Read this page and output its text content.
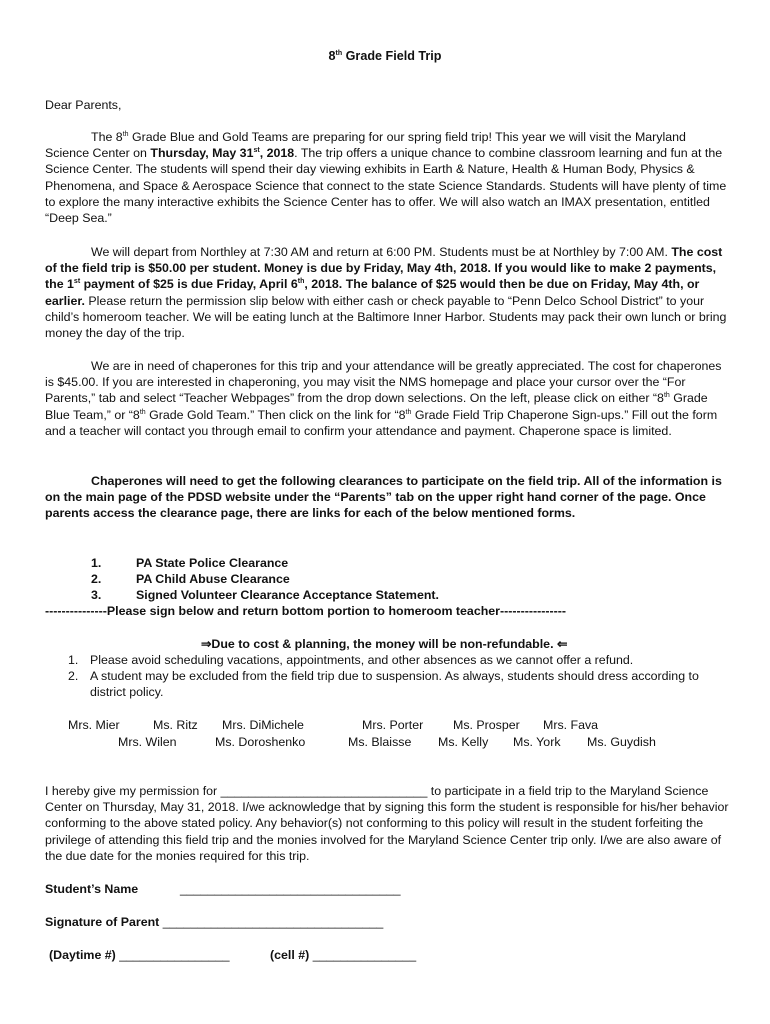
8th Grade Field Trip
Dear Parents,

The 8th Grade Blue and Gold Teams are preparing for our spring field trip! This year we will visit the Maryland Science Center on Thursday, May 31st, 2018. The trip offers a unique chance to combine classroom learning and fun at the Science Center. The students will spend their day viewing exhibits in Earth & Nature, Health & Human Body, Physics & Phenomena, and Space & Aerospace Science that connect to the state Science Standards. Students will have plenty of time to explore the many interactive exhibits the Science Center has to offer. We will also watch an IMAX presentation, entitled “Deep Sea.”

We will depart from Northley at 7:30 AM and return at 6:00 PM. Students must be at Northley by 7:00 AM. The cost of the field trip is $50.00 per student. Money is due by Friday, May 4th, 2018. If you would like to make 2 payments, the 1st payment of $25 is due Friday, April 6th, 2018. The balance of $25 would then be due on Friday, May 4th, or earlier. Please return the permission slip below with either cash or check payable to “Penn Delco School District” to your child’s homeroom teacher. We will be eating lunch at the Baltimore Inner Harbor. Students may pack their own lunch or bring money the day of the trip.

We are in need of chaperones for this trip and your attendance will be greatly appreciated. The cost for chaperones is $45.00. If you are interested in chaperoning, you may visit the NMS homepage and place your cursor over the “For Parents,” tab and select “Teacher Webpages” from the drop down selections. On the left, please click on either “8th Grade Blue Team,” or “8th Grade Gold Team.” Then click on the link for “8th Grade Field Trip Chaperone Sign-ups.” Fill out the form and a teacher will contact you through email to confirm your attendance and payment. Chaperone space is limited.

Chaperones will need to get the following clearances to participate on the field trip. All of the information is on the main page of the PDSD website under the “Parents” tab on the upper right hand corner of the page. Once parents access the clearance page, there are links for each of the below mentioned forms.

1.	PA State Police Clearance
2.	PA Child Abuse Clearance
3.	Signed Volunteer Clearance Acceptance Statement.
---------------Please sign below and return bottom portion to homeroom teacher----------------
⇒Due to cost & planning, the money will be non-refundable. ⇐
1. Please avoid scheduling vacations, appointments, and other absences as we cannot offer a refund.
2. A student may be excluded from the field trip due to suspension. As always, students should dress according to district policy.
Mrs. Mier	Ms. Ritz Mrs. DiMichele	Mrs. Porter Ms. Prosper Mrs. Fava
Mrs. Wilen	Ms. Doroshenko	Ms. Blaisse Ms. Kelly Ms. York Ms. Guydish

I hereby give my permission for ______________________________ to participate in a field trip to the Maryland Science Center on Thursday, May 31, 2018. I/we acknowledge that by signing this form the student is responsible for his/her behavior conforming to the above stated policy. Any behavior(s) not conforming to this policy will result in the student forfeiting the privilege of attending this field trip and the monies involved for the Maryland Science Center trip only. I/we are also aware of the due date for the monies required for this trip.

Student’s Name	________________________________
Signature of Parent ________________________________
(Daytime #) ________________	(cell #) _______________
